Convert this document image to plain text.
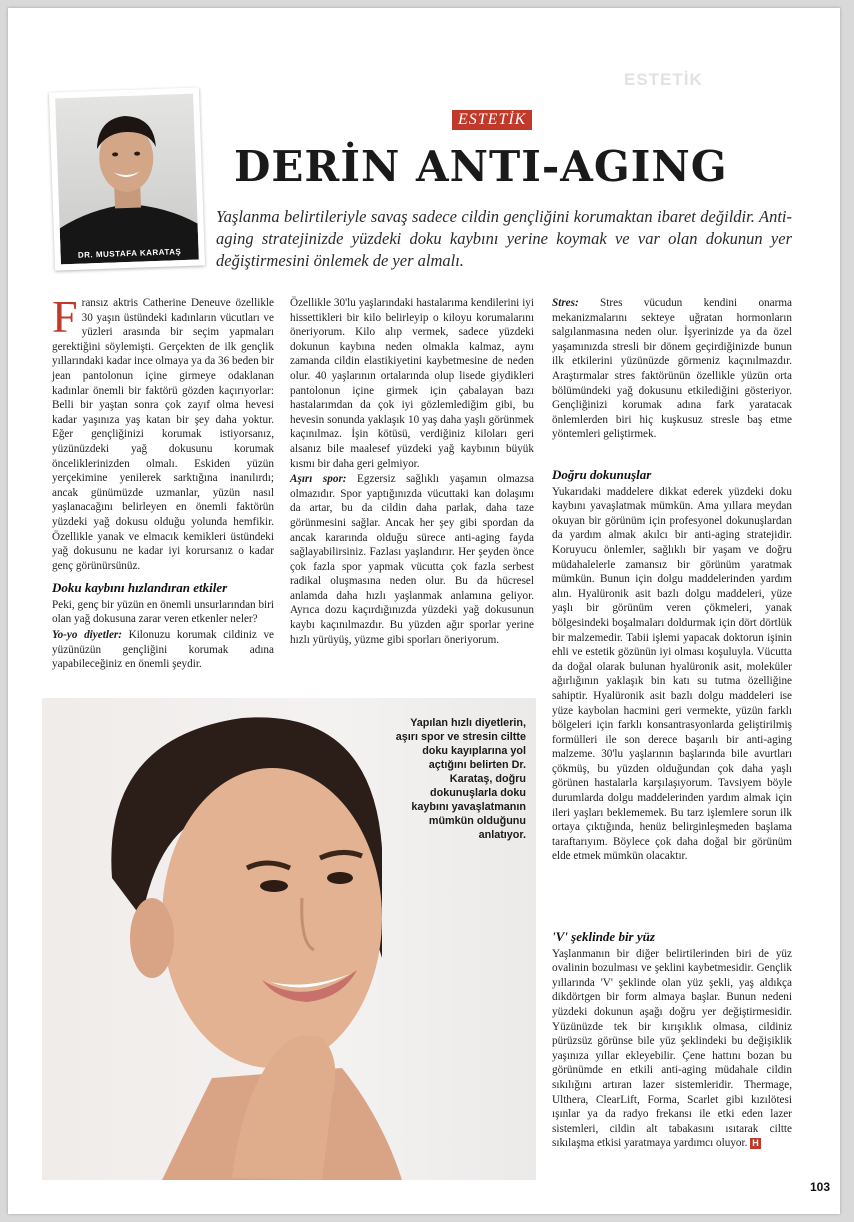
ESTETİK
DR. MUSTAFA KARATAŞ
ESTETİK
DERİN ANTI-AGING
Yaşlanma belirtileriyle savaş sadece cildin gençliğini korumaktan ibaret değildir. Anti-aging stratejinizde yüzdeki doku kaybını yerine koymak ve var olan dokunun yer değiştirmesini önlemek de yer almalı.

Fransız aktris Catherine Deneuve özellikle 30 yaşın üstündeki kadınların vücutları ve yüzleri arasında bir seçim yapmaları gerektiğini söylemişti. Gerçekten de ilk gençlik yıllarındaki kadar ince olmaya ya da 36 beden bir jean pantolonun içine girmeye odaklanan kadınlar önemli bir faktörü gözden kaçırıyorlar: Belli bir yaştan sonra çok zayıf olma hevesi kadar yaşınıza yaş katan bir şey daha yoktur. Eğer gençliğinizi korumak istiyorsanız, yüzünüzdeki yağ dokusunu korumak önceliklerinizden olmalı. Eskiden yüzün yerçekimine yenilerek sarktığına inanılırdı; ancak günümüzde uzmanlar, yüzün nasıl yaşlanacağını belirleyen en önemli faktörün yüzdeki yağ dokusu olduğu yolunda hemfikir. Özellikle yanak ve elmacık kemikleri üstündeki yağ dokusunu ne kadar iyi korursanız o kadar genç görünürsünüz.

Doku kaybını hızlandıran etkiler

Peki, genç bir yüzün en önemli unsurlarından biri olan yağ dokusuna zarar veren etkenler neler?

Yo-yo diyetler: Kilonuzu korumak cildiniz ve yüzünüzün gençliğini korumak adına yapabileceğiniz en önemli şeydir.

Özellikle 30'lu yaşlarındaki hastalarıma kendilerini iyi hissettikleri bir kilo belirleyip o kiloyu korumalarını öneriyorum. Kilo alıp vermek, sadece yüzdeki dokunun kaybına neden olmakla kalmaz, aynı zamanda cildin elastikiyetini kaybetmesine de neden olur. 40 yaşlarının ortalarında olup lisede giydikleri pantolonun içine girmek için çabalayan bazı hastalarımdan da çok iyi gözlemlediğim gibi, bu hevesin sonunda yaklaşık 10 yaş daha yaşlı görünmek kaçınılmaz. İşin kötüsü, verdiğiniz kiloları geri alsanız bile maalesef yüzdeki yağ kaybının büyük kısmı bir daha geri gelmiyor.

Aşırı spor: Egzersiz sağlıklı yaşamın olmazsa olmazıdır. Spor yaptığınızda vücuttaki kan dolaşımı da artar, bu da cildin daha parlak, daha taze görünmesini sağlar. Ancak her şey gibi spordan da ancak kararında olduğu sürece anti-aging fayda sağlayabilirsiniz. Fazlası yaşlandırır. Her şeyden önce çok fazla spor yapmak vücutta çok fazla serbest radikal oluşmasına neden olur. Bu da hücresel anlamda daha hızlı yaşlanmak anlamına geliyor. Ayrıca dozu kaçırdığınızda yüzdeki yağ dokusunun kaybı kaçınılmazdır. Bu yüzden ağır sporlar yerine hızlı yürüyüş, yüzme gibi sporları öneriyorum.

Stres: Stres vücudun kendini onarma mekanizmalarını sekteye uğratan hormonların salgılanmasına neden olur. İşyerinizde ya da özel yaşamınızda stresli bir dönem geçirdiğinizde bunun ilk etkilerini yüzünüzde görmeniz kaçınılmazdır. Araştırmalar stres faktörünün özellikle yüzün orta bölümündeki yağ dokusunu etkilediğini gösteriyor. Gençliğinizi korumak adına fark yaratacak önlemlerden biri hiç kuşkusuz stresle baş etme yöntemleri geliştirmek.

Doğru dokunuşlar

Yukarıdaki maddelere dikkat ederek yüzdeki doku kaybını yavaşlatmak mümkün. Ama yıllara meydan okuyan bir görünüm için profesyonel dokunuşlardan da yardım almak akılcı bir anti-aging stratejidir. Koruyucu önlemler, sağlıklı bir yaşam ve doğru müdahalelerle zamansız bir görünüm yaratmak mümkün. Bunun için dolgu maddelerinden yardım alın. Hyalüronik asit bazlı dolgu maddeleri, yüze yaşlı bir görünüm veren çökmeleri, yanak bölgesindeki boşalmaları doldurmak için dört dörtlük bir malzemedir. Tabii işlemi yapacak doktorun işinin ehli ve estetik gözünün iyi olması koşuluyla. Vücutta da doğal olarak bulunan hyalüronik asit, moleküler ağırlığının yaklaşık bin katı su tutma özelliğine sahiptir. Hyalüronik asit bazlı dolgu maddeleri ise yüze kaybolan hacmini geri vermekte, yüzün farklı bölgeleri için farklı konsantrasyonlarda geliştirilmiş formülleri ile son derece başarılı bir anti-aging malzeme. 30'lu yaşlarının başlarında bile avurtları çökmüş, bu yüzden olduğundan çok daha yaşlı görünen hastalarla karşılaşıyorum. Tavsiyem böyle durumlarda dolgu maddelerinden yardım almak için ileri yaşları beklememek. Bu tarz işlemlere sorun ilk ortaya çıktığında, henüz belirginleşmeden başlama taraftarıyım. Böylece çok daha doğal bir görünüm elde etmek mümkün olacaktır.

'V' şeklinde bir yüz

Yaşlanmanın bir diğer belirtilerinden biri de yüz ovalinin bozulması ve şeklini kaybetmesidir. Gençlik yıllarında 'V' şeklinde olan yüz şekli, yaş aldıkça dikdörtgen bir form almaya başlar. Bunun nedeni yüzdeki dokunun aşağı doğru yer değiştirmesidir. Yüzünüzde tek bir kırışıklık olmasa, cildiniz pürüzsüz görünse bile yüz şeklindeki bu değişiklik yaşınıza yıllar ekleyebilir. Çene hattını bozan bu görünümde en etkili anti-aging müdahale cildin sıkılığını artıran lazer sistemleridir. Thermage, Ulthera, ClearLift, Forma, Scarlet gibi kızılötesi ışınlar ya da radyo frekansı ile etki eden lazer sistemleri, cildin alt tabakasını ısıtarak ciltte sıkılaşma etkisi yaratmaya yardımcı oluyor. H

Yapılan hızlı diyetlerin, aşırı spor ve stresin ciltte doku kayıplarına yol açtığını belirten Dr. Karataş, doğru dokunuşlarla doku kaybını yavaşlatmanın mümkün olduğunu anlatıyor.
103
